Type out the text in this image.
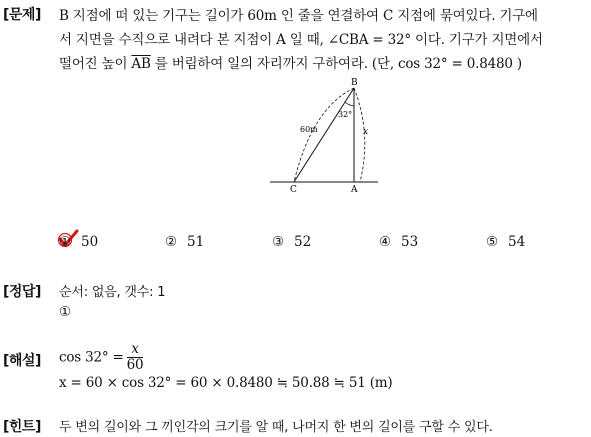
[문제] B 지점에 떠 있는 기구는 길이가 60m 인 줄을 연결하여 C 지점에 묶여있다. 기구에
서 지면을 수직으로 내려다 본 지점이 A 일 때, ∠CBA = 32° 이다. 기구가 지면에서
떨어진 높이 $\overline{AB}$ 를 버림하여 일의 자리까지 구하여라. (단, cos 32° = 0.8480 )
B
C	A
60m
32°
x
① 50	② 51	③ 52	④ 53	⑤ 54
[정답] 순서: 없음, 갯수: 1
①
[해설] $\cos 32^\circ = \frac{x}{60}$
x = 60 × cos 32° = 60 × 0.8480 ≒ 50.88 ≒ 51 (m)
[힌트] 두 변의 길이와 그 끼인각의 크기를 알 때, 나머지 한 변의 길이를 구할 수 있다.
